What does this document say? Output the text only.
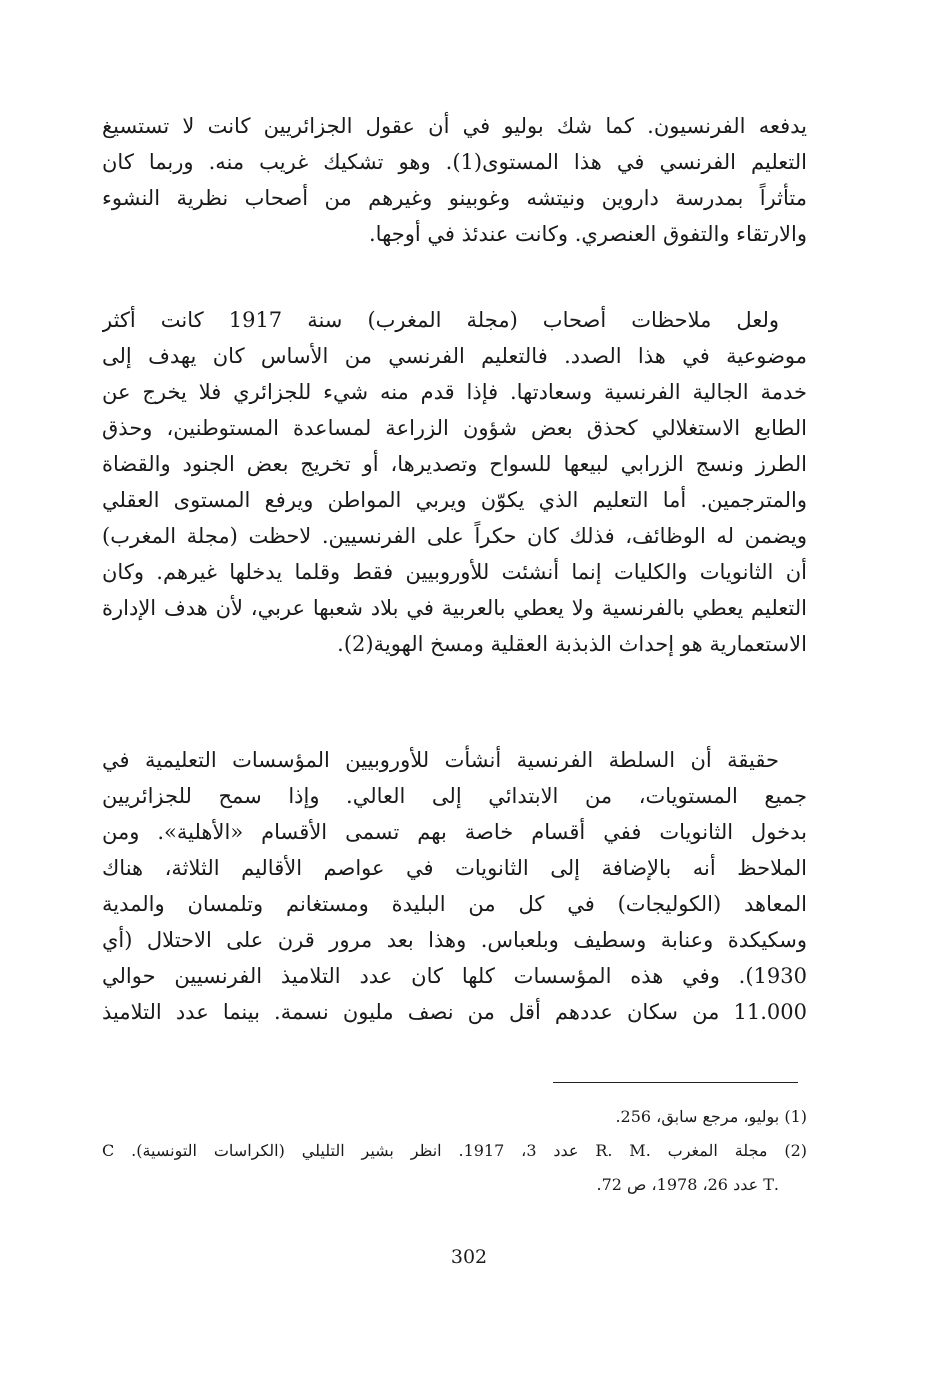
يدفعه الفرنسيون. كما شك بوليو في أن عقول الجزائريين كانت لا تستسيغ
التعليم الفرنسي في هذا المستوى(1). وهو تشكيك غريب منه. وربما كان
متأثراً بمدرسة داروين ونيتشه وغوبينو وغيرهم من أصحاب نظرية النشوء
والارتقاء والتفوق العنصري. وكانت عندئذ في أوجها.
ولعل ملاحظات أصحاب (مجلة المغرب) سنة 1917 كانت أكثر
موضوعية في هذا الصدد. فالتعليم الفرنسي من الأساس كان يهدف إلى
خدمة الجالية الفرنسية وسعادتها. فإذا قدم منه شيء للجزائري فلا يخرج عن
الطابع الاستغلالي كحذق بعض شؤون الزراعة لمساعدة المستوطنين، وحذق
الطرز ونسج الزرابي لبيعها للسواح وتصديرها، أو تخريج بعض الجنود والقضاة
والمترجمين. أما التعليم الذي يكوّن ويربي المواطن ويرفع المستوى العقلي
ويضمن له الوظائف، فذلك كان حكراً على الفرنسيين. لاحظت (مجلة المغرب)
أن الثانويات والكليات إنما أنشئت للأوروبيين فقط وقلما يدخلها غيرهم. وكان
التعليم يعطي بالفرنسية ولا يعطي بالعربية في بلاد شعبها عربي، لأن هدف الإدارة
الاستعمارية هو إحداث الذبذبة العقلية ومسخ الهوية(2).
حقيقة أن السلطة الفرنسية أنشأت للأوروبيين المؤسسات التعليمية في
جميع المستويات، من الابتدائي إلى العالي. وإذا سمح للجزائريين
بدخول الثانويات ففي أقسام خاصة بهم تسمى الأقسام «الأهلية». ومن
الملاحظ أنه بالإضافة إلى الثانويات في عواصم الأقاليم الثلاثة، هناك
المعاهد (الكوليجات) في كل من البليدة ومستغانم وتلمسان والمدية
وسكيكدة وعنابة وسطيف وبلعباس. وهذا بعد مرور قرن على الاحتلال (أي
1930). وفي هذه المؤسسات كلها كان عدد التلاميذ الفرنسيين حوالي
11.000 من سكان عددهم أقل من نصف مليون نسمة. بينما عدد التلاميذ
(1) بوليو، مرجع سابق، 256.
(2) مجلة المغرب .R. M عدد 3، 1917. انظر بشير التليلي (الكراسات التونسية). C
.T عدد 26، 1978، ص 72.
302
